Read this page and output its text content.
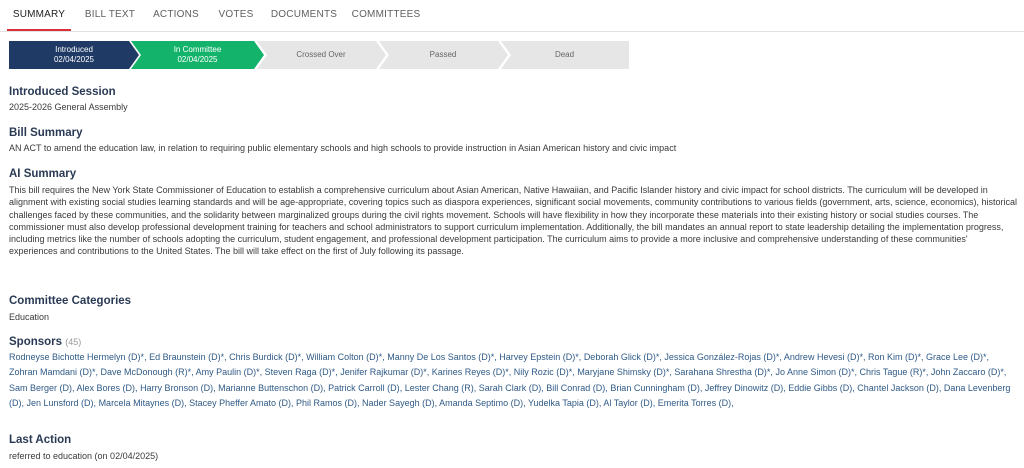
SUMMARY	BILL TEXT	ACTIONS	VOTES	DOCUMENTS COMMITTEES
Introduced
02/04/2025
In Committee
02/04/2025
Crossed Over	Passed	Dead

Introduced Session

2025-2026 General Assembly

Bill Summary

AN ACT to amend the education law, in relation to requiring public elementary schools and high schools to provide instruction in Asian American history and civic impact

AI Summary

This bill requires the New York State Commissioner of Education to establish a comprehensive curriculum about Asian American, Native Hawaiian, and Pacific Islander history and civic impact for school districts. The curriculum will be developed in alignment with existing social studies learning standards and will be age-appropriate, covering topics such as diaspora experiences, significant social movements, community contributions to various fields (government, arts, science, economics), historical challenges faced by these communities, and the solidarity between marginalized groups during the civil rights movement. Schools will have flexibility in how they incorporate these materials into their existing history or social studies courses. The commissioner must also develop professional development training for teachers and school administrators to support curriculum implementation. Additionally, the bill mandates an annual report to state leadership detailing the implementation progress, including metrics like the number of schools adopting the curriculum, student engagement, and professional development participation. The curriculum aims to provide a more inclusive and comprehensive understanding of these communities' experiences and contributions to the United States. The bill will take effect on the first of July following its passage.

Committee Categories

Education

Sponsors (45)

Rodneyse Bichotte Hermelyn (D)*, Ed Braunstein (D)*, Chris Burdick (D)*, William Colton (D)*, Manny De Los Santos (D)*, Harvey Epstein (D)*, Deborah Glick (D)*, Jessica González-Rojas (D)*, Andrew Hevesi (D)*, Ron Kim (D)*, Grace Lee (D)*, Zohran Mamdani (D)*, Dave McDonough (R)*, Amy Paulin (D)*, Steven Raga (D)*, Jenifer Rajkumar (D)*, Karines Reyes (D)*, Nily Rozic (D)*, Maryjane Shimsky (D)*, Sarahana Shrestha (D)*, Jo Anne Simon (D)*, Chris Tague (R)*, John Zaccaro (D)*, Sam Berger (D), Alex Bores (D), Harry Bronson (D), Marianne Buttenschon (D), Patrick Carroll (D), Lester Chang (R), Sarah Clark (D), Bill Conrad (D), Brian Cunningham (D), Jeffrey Dinowitz (D), Eddie Gibbs (D), Chantel Jackson (D), Dana Levenberg (D), Jen Lunsford (D), Marcela Mitaynes (D), Stacey Pheffer Amato (D), Phil Ramos (D), Nader Sayegh (D), Amanda Septimo (D), Yudelka Tapia (D), Al Taylor (D), Emerita Torres (D),

Last Action

referred to education (on 02/04/2025)
